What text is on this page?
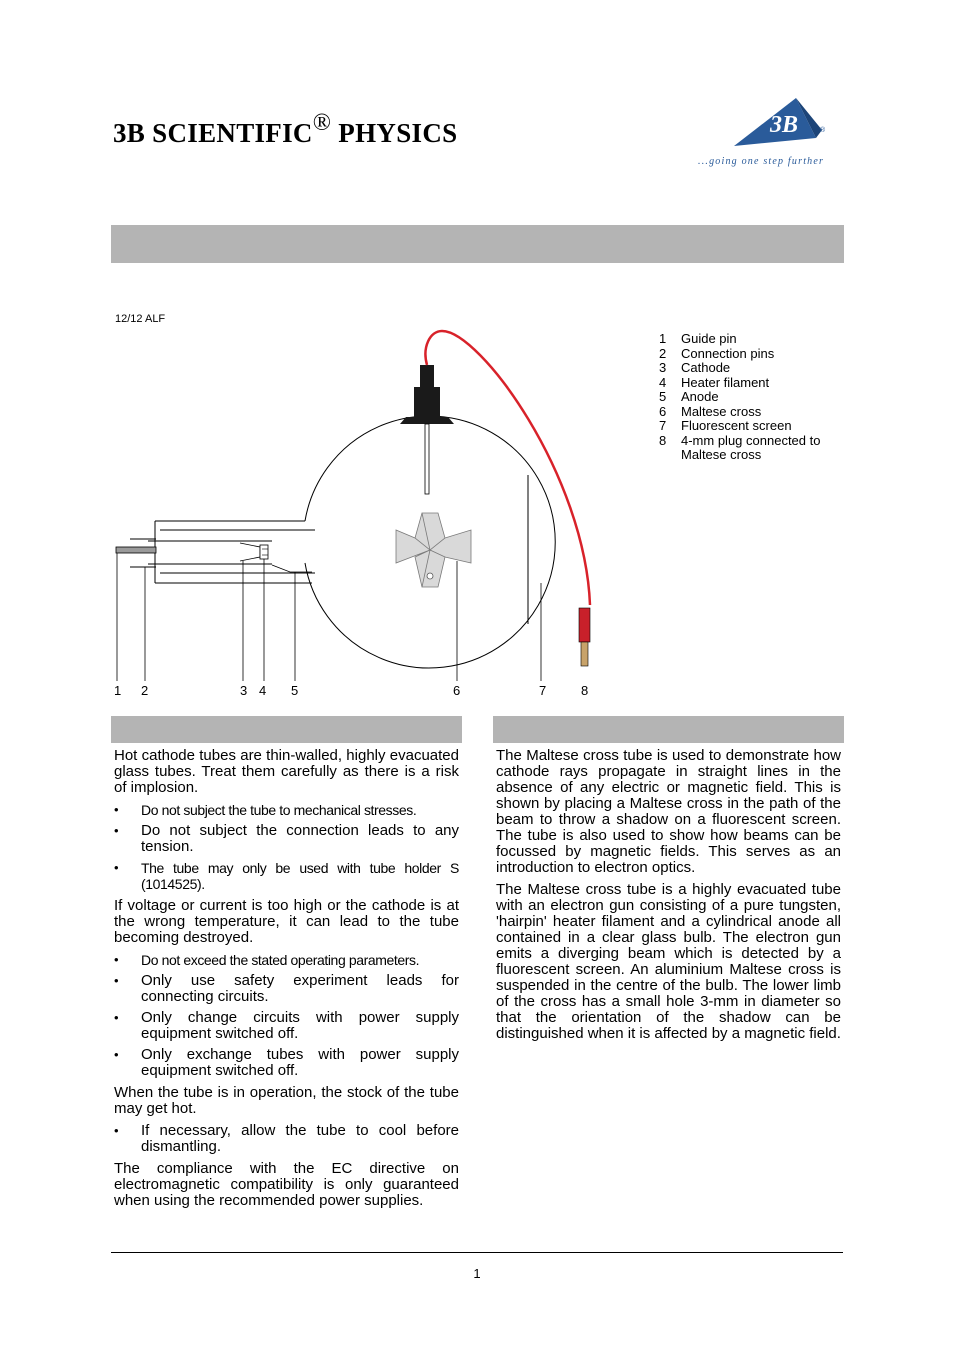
3B SCIENTIFIC® PHYSICS	3B	®
...going one step further
12/12 ALF
1 2	3 4 5	6	7	8
1	Guide pin
2	Connection pins
3	Cathode
4	Heater filament
5	Anode
6	Maltese cross
7	Fluorescent screen
8	4-mm plug connected to Maltese cross

Hot cathode tubes are thin-walled, highly evacuated glass tubes. Treat them carefully as there is a risk of implosion.

• Do not subject the tube to mechanical stresses.
• Do not subject the connection leads to any tension.
• The tube may only be used with tube holder S (1014525).

If voltage or current is too high or the cathode is at the wrong temperature, it can lead to the tube becoming destroyed.

• Do not exceed the stated operating parameters.
• Only use safety experiment leads for connecting circuits.
• Only change circuits with power supply equipment switched off.
• Only exchange tubes with power supply equipment switched off.

When the tube is in operation, the stock of the tube may get hot.

• If necessary, allow the tube to cool before dismantling.

The compliance with the EC directive on electromagnetic compatibility is only guaranteed when using the recommended power supplies.

The Maltese cross tube is used to demonstrate how cathode rays propagate in straight lines in the absence of any electric or magnetic field. This is shown by placing a Maltese cross in the path of the beam to throw a shadow on a fluorescent screen. The tube is also used to show how beams can be focussed by magnetic fields. This serves as an introduction to electron optics.

The Maltese cross tube is a highly evacuated tube with an electron gun consisting of a pure tungsten, 'hairpin' heater filament and a cylindrical anode all contained in a clear glass bulb. The electron gun emits a diverging beam which is detected by a fluorescent screen. An aluminium Maltese cross is suspended in the centre of the bulb. The lower limb of the cross has a small hole 3-mm in diameter so that the orientation of the shadow can be distinguished when it is affected by a magnetic field.

1
